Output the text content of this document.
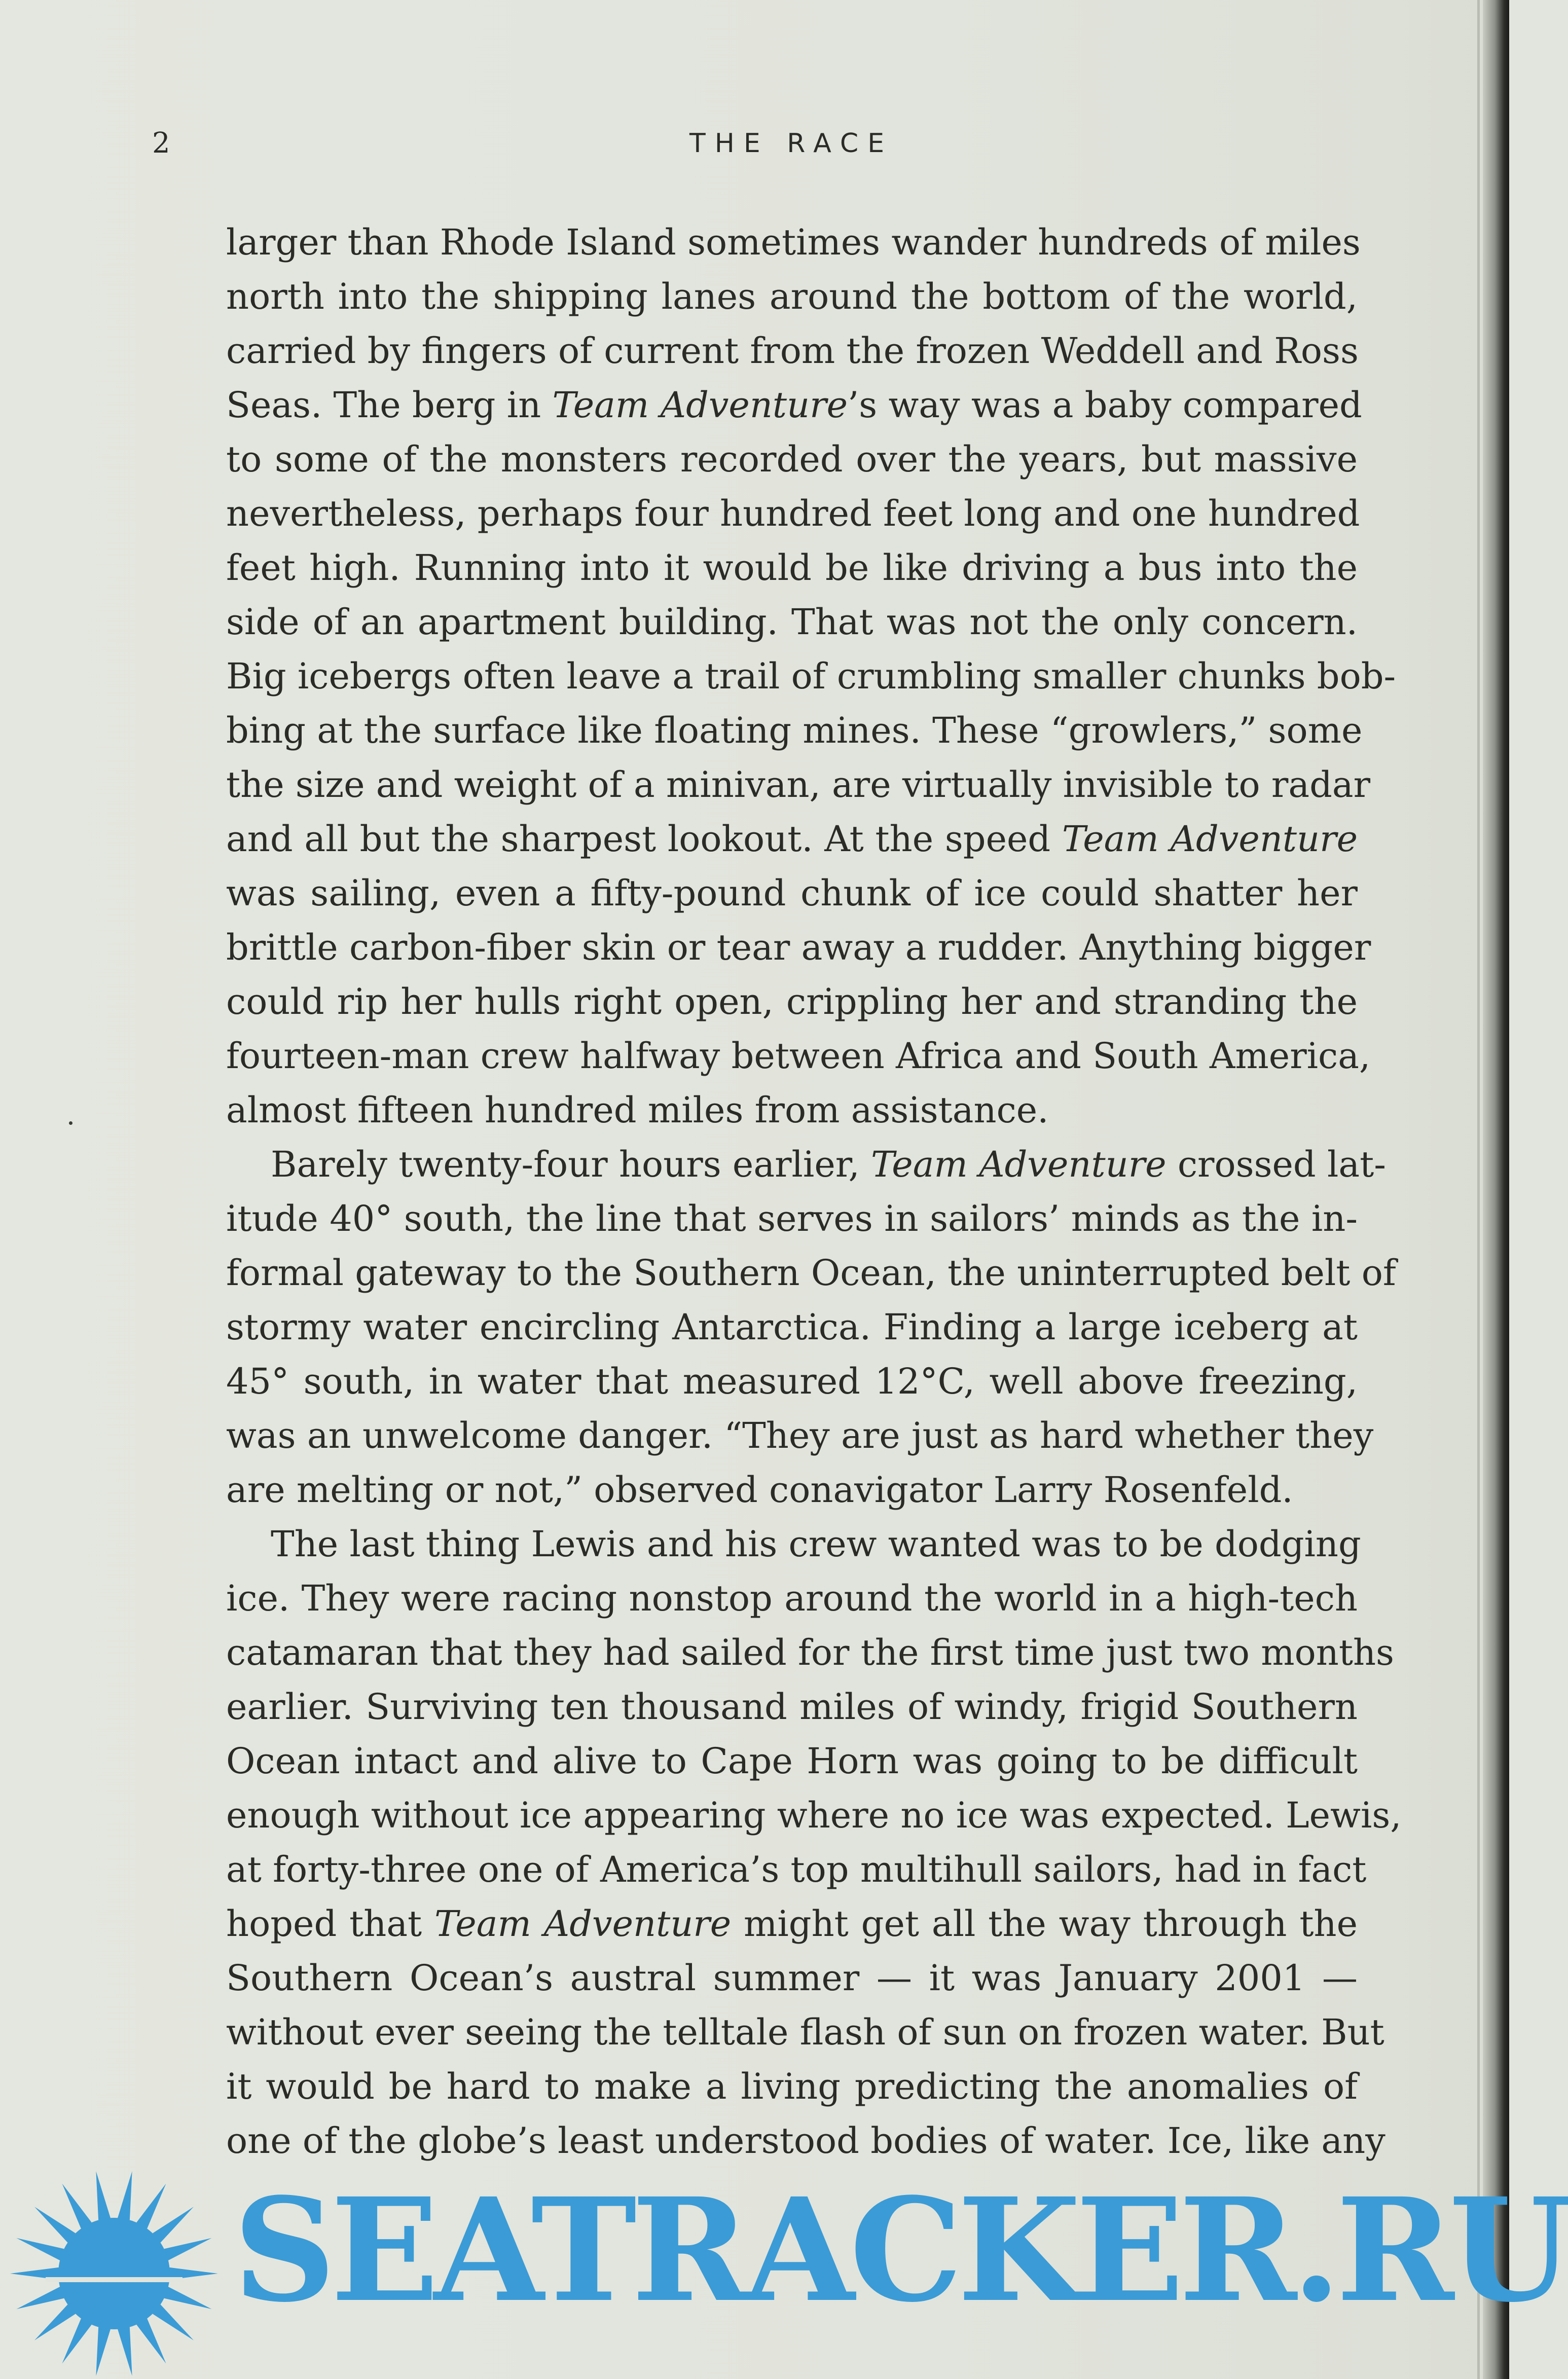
2	THE RACE
larger than Rhode Island sometimes wander hundreds of miles
north into the shipping lanes around the bottom of the world,
carried by fingers of current from the frozen Weddell and Ross
Seas. The berg in Team Adventure’s way was a baby compared
to some of the monsters recorded over the years, but massive
nevertheless, perhaps four hundred feet long and one hundred
feet high. Running into it would be like driving a bus into the
side of an apartment building. That was not the only concern.
Big icebergs often leave a trail of crumbling smaller chunks bob-
bing at the surface like floating mines. These “growlers,” some
the size and weight of a minivan, are virtually invisible to radar
and all but the sharpest lookout. At the speed Team Adventure
was sailing, even a fifty-pound chunk of ice could shatter her
brittle carbon-fiber skin or tear away a rudder. Anything bigger
could rip her hulls right open, crippling her and stranding the
fourteen-man crew halfway between Africa and South America,
almost fifteen hundred miles from assistance.
Barely twenty-four hours earlier, Team Adventure crossed lat-
itude 40° south, the line that serves in sailors’ minds as the in-
formal gateway to the Southern Ocean, the uninterrupted belt of
stormy water encircling Antarctica. Finding a large iceberg at
45° south, in water that measured 12°C, well above freezing,
was an unwelcome danger. “They are just as hard whether they
are melting or not,” observed conavigator Larry Rosenfeld.
The last thing Lewis and his crew wanted was to be dodging
ice. They were racing nonstop around the world in a high-tech
catamaran that they had sailed for the first time just two months
earlier. Surviving ten thousand miles of windy, frigid Southern
Ocean intact and alive to Cape Horn was going to be difficult
enough without ice appearing where no ice was expected. Lewis,
at forty-three one of America’s top multihull sailors, had in fact
hoped that Team Adventure might get all the way through the
Southern Ocean’s austral summer — it was January 2001 —
without ever seeing the telltale flash of sun on frozen water. But
it would be hard to make a living predicting the anomalies of
one of the globe’s least understood bodies of water. Ice, like any
SEATRACKER.RU
